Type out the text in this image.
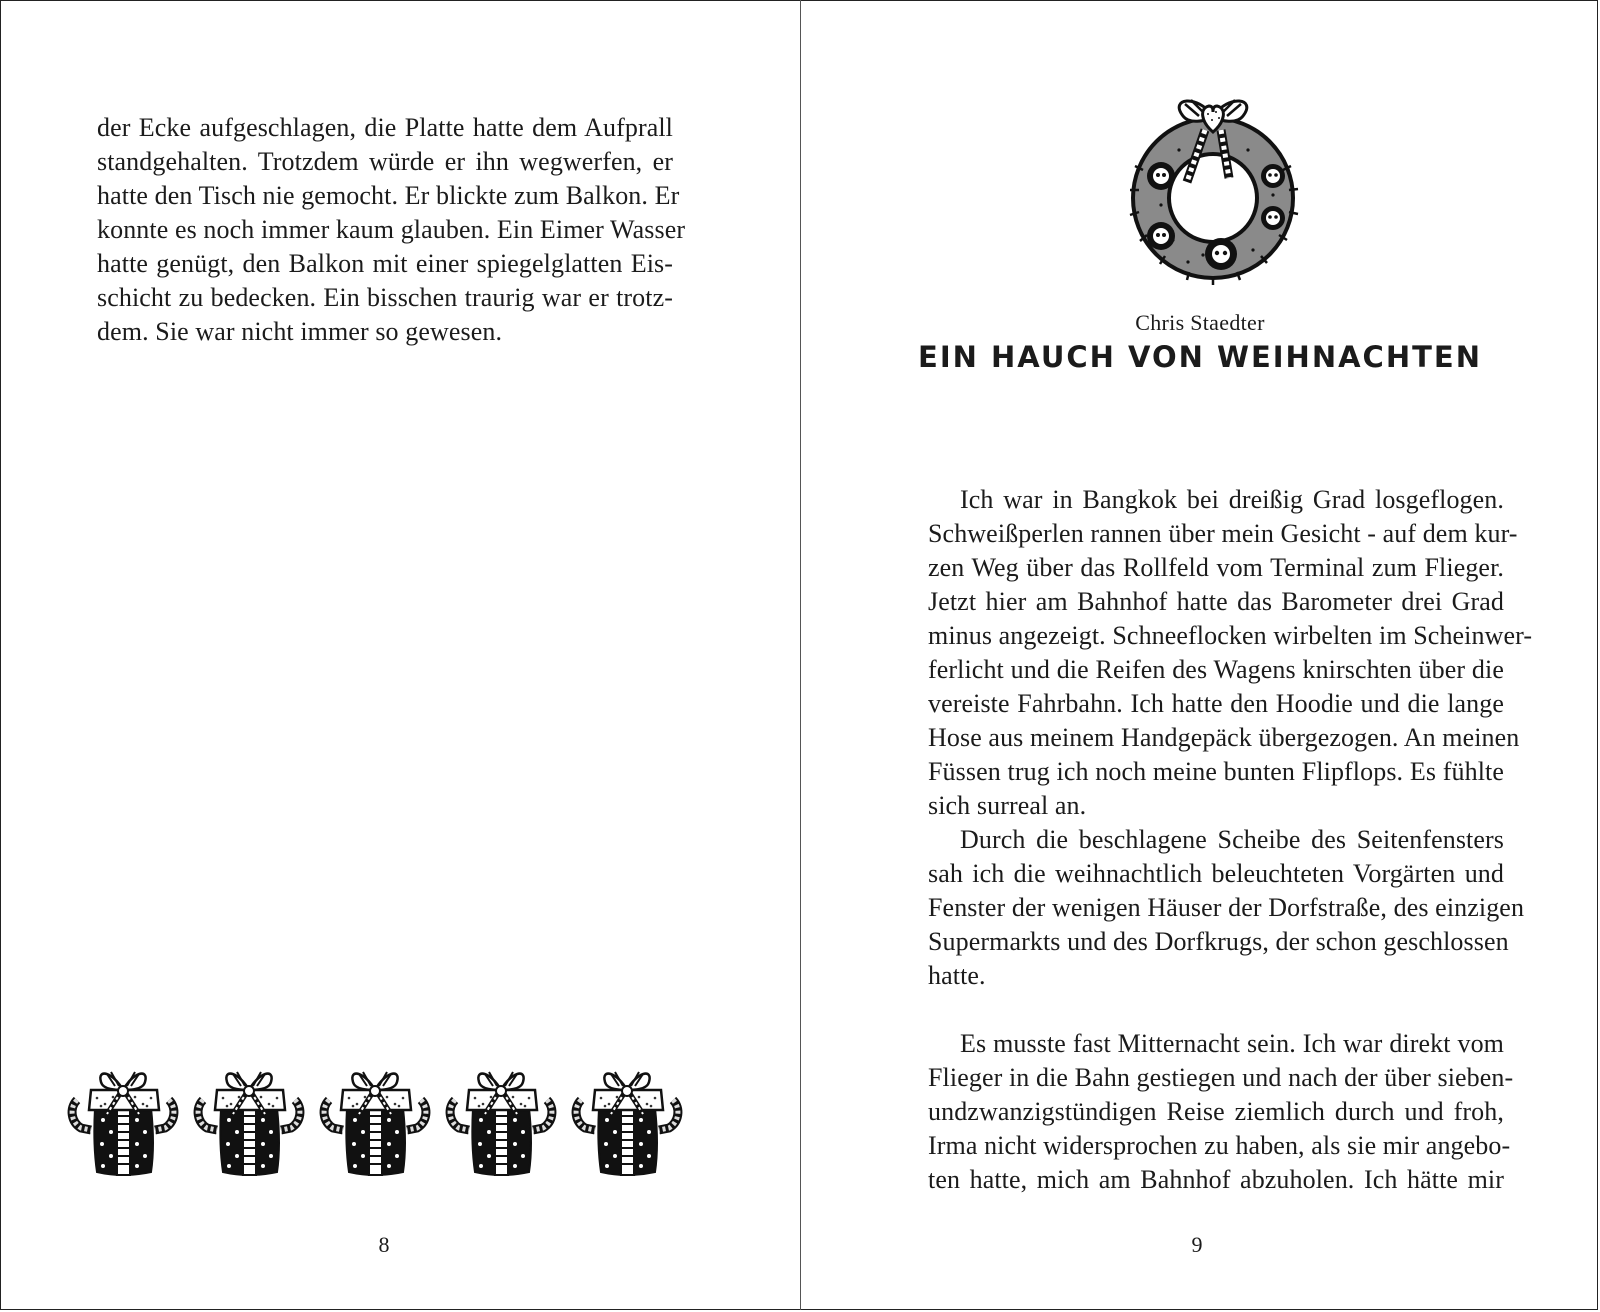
der Ecke aufgeschlagen, die Platte hatte dem Aufprall
standgehalten. Trotzdem würde er ihn wegwerfen, er
hatte den Tisch nie gemocht. Er blickte zum Balkon. Er
konnte es noch immer kaum glauben. Ein Eimer Wasser
hatte genügt, den Balkon mit einer spiegelglatten Eis-
schicht zu bedecken. Ein bisschen traurig war er trotz-
dem. Sie war nicht immer so gewesen.
8
Chris Staedter
EIN HAUCH VON WEIHNACHTEN
Ich war in Bangkok bei dreißig Grad losgeflogen.
Schweißperlen rannen über mein Gesicht - auf dem kur-
zen Weg über das Rollfeld vom Terminal zum Flieger.
Jetzt hier am Bahnhof hatte das Barometer drei Grad
minus angezeigt. Schneeflocken wirbelten im Scheinwer-
ferlicht und die Reifen des Wagens knirschten über die
vereiste Fahrbahn. Ich hatte den Hoodie und die lange
Hose aus meinem Handgepäck übergezogen. An meinen
Füssen trug ich noch meine bunten Flipflops. Es fühlte
sich surreal an.
Durch die beschlagene Scheibe des Seitenfensters
sah ich die weihnachtlich beleuchteten Vorgärten und
Fenster der wenigen Häuser der Dorfstraße, des einzigen
Supermarkts und des Dorfkrugs, der schon geschlossen
hatte.
Es musste fast Mitternacht sein. Ich war direkt vom
Flieger in die Bahn gestiegen und nach der über sieben-
undzwanzigstündigen Reise ziemlich durch und froh,
Irma nicht widersprochen zu haben, als sie mir angebo-
ten hatte, mich am Bahnhof abzuholen. Ich hätte mir
9
